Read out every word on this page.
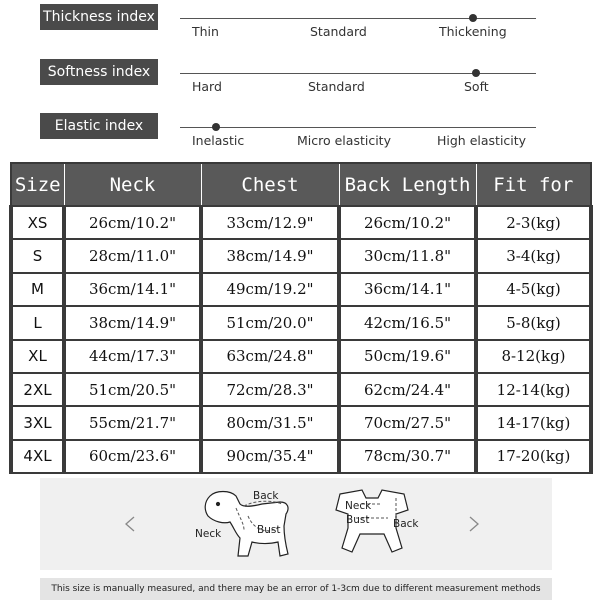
Thickness index
Thin	Standard	Thickening
Softness index
Hard	Standard	Soft
Elastic index
Inelastic	Micro elasticity	High elasticity
Size	Neck	Chest	Back Length	Fit for
XS	26cm/10.2"	33cm/12.9"	26cm/10.2"	2-3(kg)
S	28cm/11.0"	38cm/14.9"	30cm/11.8"	3-4(kg)
M	36cm/14.1"	49cm/19.2"	36cm/14.1"	4-5(kg)
L	38cm/14.9"	51cm/20.0"	42cm/16.5"	5-8(kg)
XL	44cm/17.3"	63cm/24.8"	50cm/19.6"	8-12(kg)
2XL	51cm/20.5"	72cm/28.3"	62cm/24.4"	12-14(kg)
3XL	55cm/21.7"	80cm/31.5"	70cm/27.5"	14-17(kg)
4XL	60cm/23.6"	90cm/35.4"	78cm/30.7"	17-20(kg)
Back
Neck	Bust
Neck
Bust Back
This size is manually measured, and there may be an error of 1-3cm due to different measurement methods
